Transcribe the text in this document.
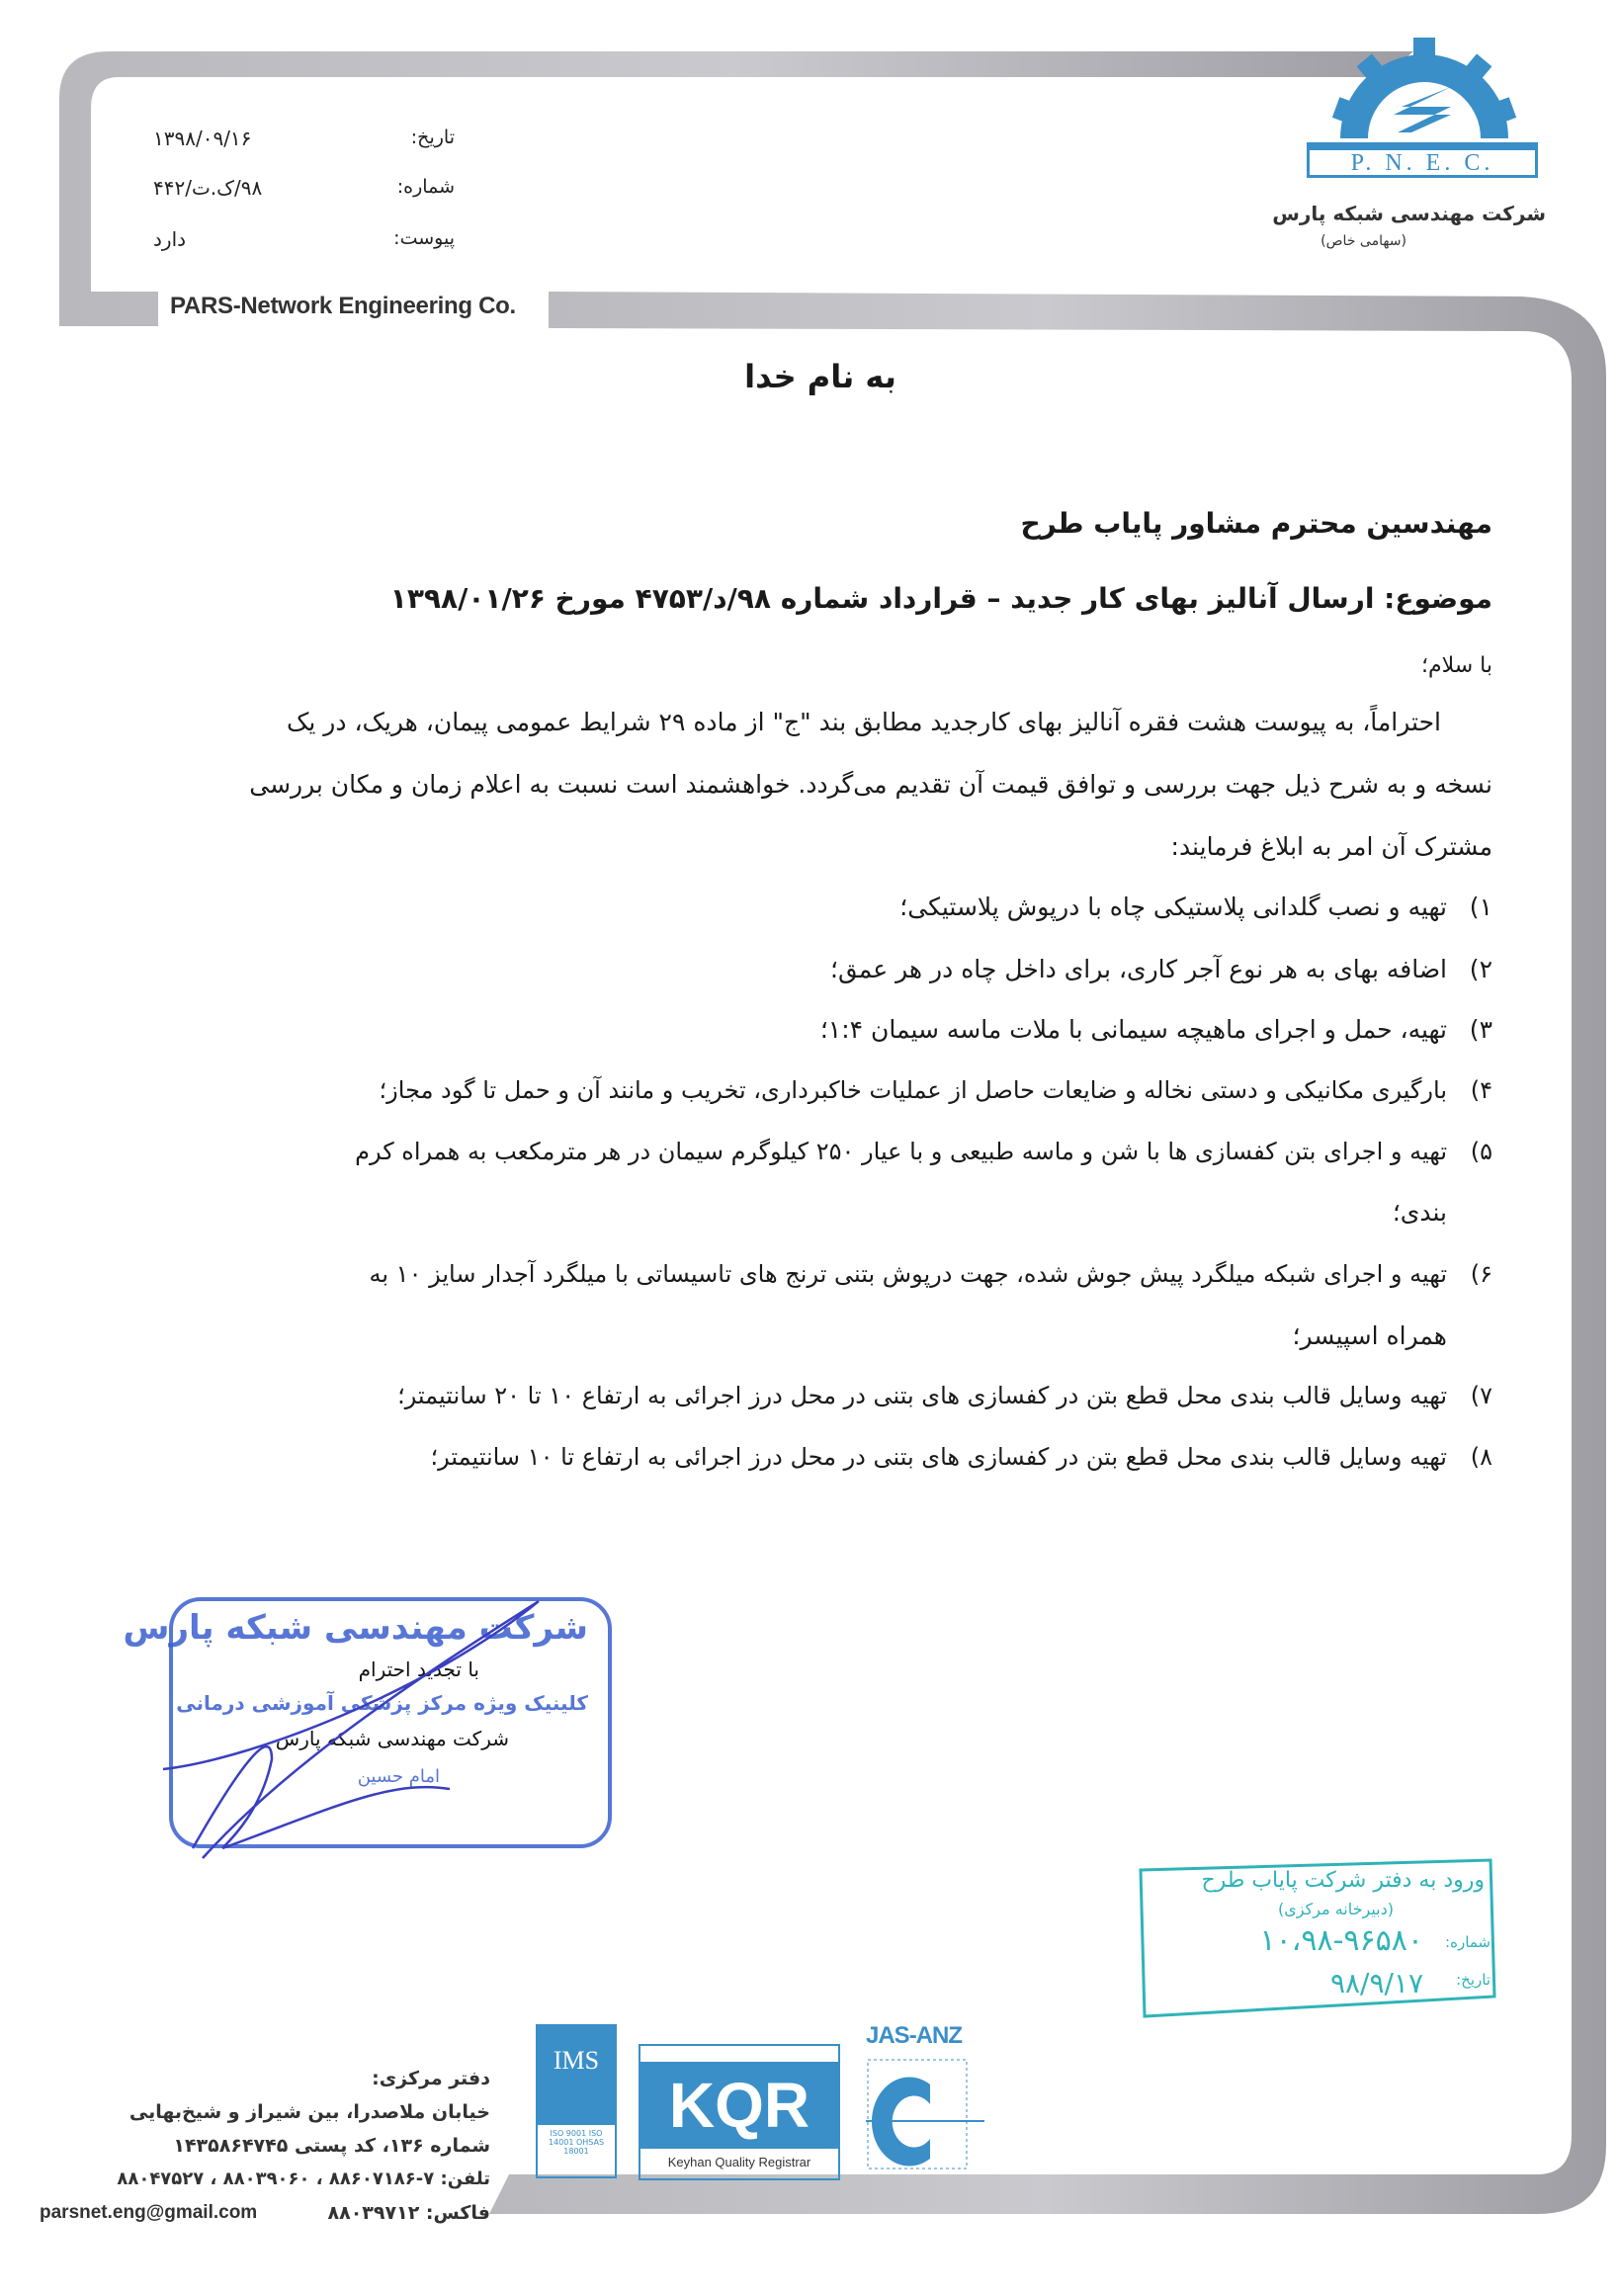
تاریخ:
۱۳۹۸/۰۹/۱۶
شماره:
۹۸/ک.ت/۴۴۲
پیوست:
دارد
PARS-Network Engineering Co.
P. N. E. C.
شرکت مهندسی شبکه پارس
(سهامی خاص)
به نام خدا
مهندسین محترم مشاور پایاب طرح
موضوع: ارسال آنالیز بهای کار جدید – قرارداد شماره ۹۸/د/۴۷۵۳ مورخ ۱۳۹۸/۰۱/۲۶
با سلام؛
احتراماً، به پیوست هشت فقره آنالیز بهای کارجدید مطابق بند "ج" از ماده ۲۹ شرایط عمومی پیمان، هریک، در یک
نسخه و به شرح ذیل جهت بررسی و توافق قیمت آن تقدیم می‌گردد. خواهشمند است نسبت به اعلام زمان و مکان بررسی
مشترک آن امر به ابلاغ فرمایند:
۱)
تهیه و نصب گلدانی پلاستیکی چاه با درپوش پلاستیکی؛
۲)
اضافه بهای به هر نوع آجر کاری، برای داخل چاه در هر عمق؛
۳)
تهیه، حمل و اجرای ماهیچه سیمانی با ملات ماسه سیمان ۱:۴؛
۴)
بارگیری مکانیکی و دستی نخاله و ضایعات حاصل از عملیات خاکبرداری، تخریب و مانند آن و حمل تا گود مجاز؛
۵)
تهیه و اجرای بتن کفسازی ها با شن و ماسه طبیعی و با عیار ۲۵۰ کیلوگرم سیمان در هر مترمکعب به همراه کرم
بندی؛
۶)
تهیه و اجرای شبکه میلگرد پیش جوش شده، جهت درپوش بتنی ترنج های تاسیساتی با میلگرد آجدار سایز ۱۰ به
همراه اسپیسر؛
۷)
تهیه وسایل قالب بندی محل قطع بتن در کفسازی های بتنی در محل درز اجرائی به ارتفاع ۱۰ تا ۲۰ سانتیمتر؛
۸)
تهیه وسایل قالب بندی محل قطع بتن در کفسازی های بتنی در محل درز اجرائی به ارتفاع تا ۱۰ سانتیمتر؛
شرکت مهندسی شبکه پارس
با تجدید احترام
کلینیک ویژه مرکز پزشکی آموزشی درمانی
شرکت مهندسی شبکه پارس
امام حسین
ورود به دفتر شرکت پایاب طرح
(دبیرخانه مرکزی)
شماره:
۱۰،۹۸-۹۶۵۸۰
تاریخ:
۹۸/۹/۱۷
دفتر مرکزی:
خیابان ملاصدرا، بین شیراز و شیخ‌بهایی
شماره ۱۳۶، کد پستی ۱۴۳۵۸۶۴۷۴۵
تلفن: ۷-۸۸۶۰۷۱۸۶ ، ۸۸۰۳۹۰۶۰ ، ۸۸۰۴۷۵۲۷
فاکس: ۸۸۰۳۹۷۱۲
parsnet.eng@gmail.com
IMS
ISO 9001 ISO 14001 OHSAS 18001
KQR
Keyhan Quality Registrar
JAS-ANZ
